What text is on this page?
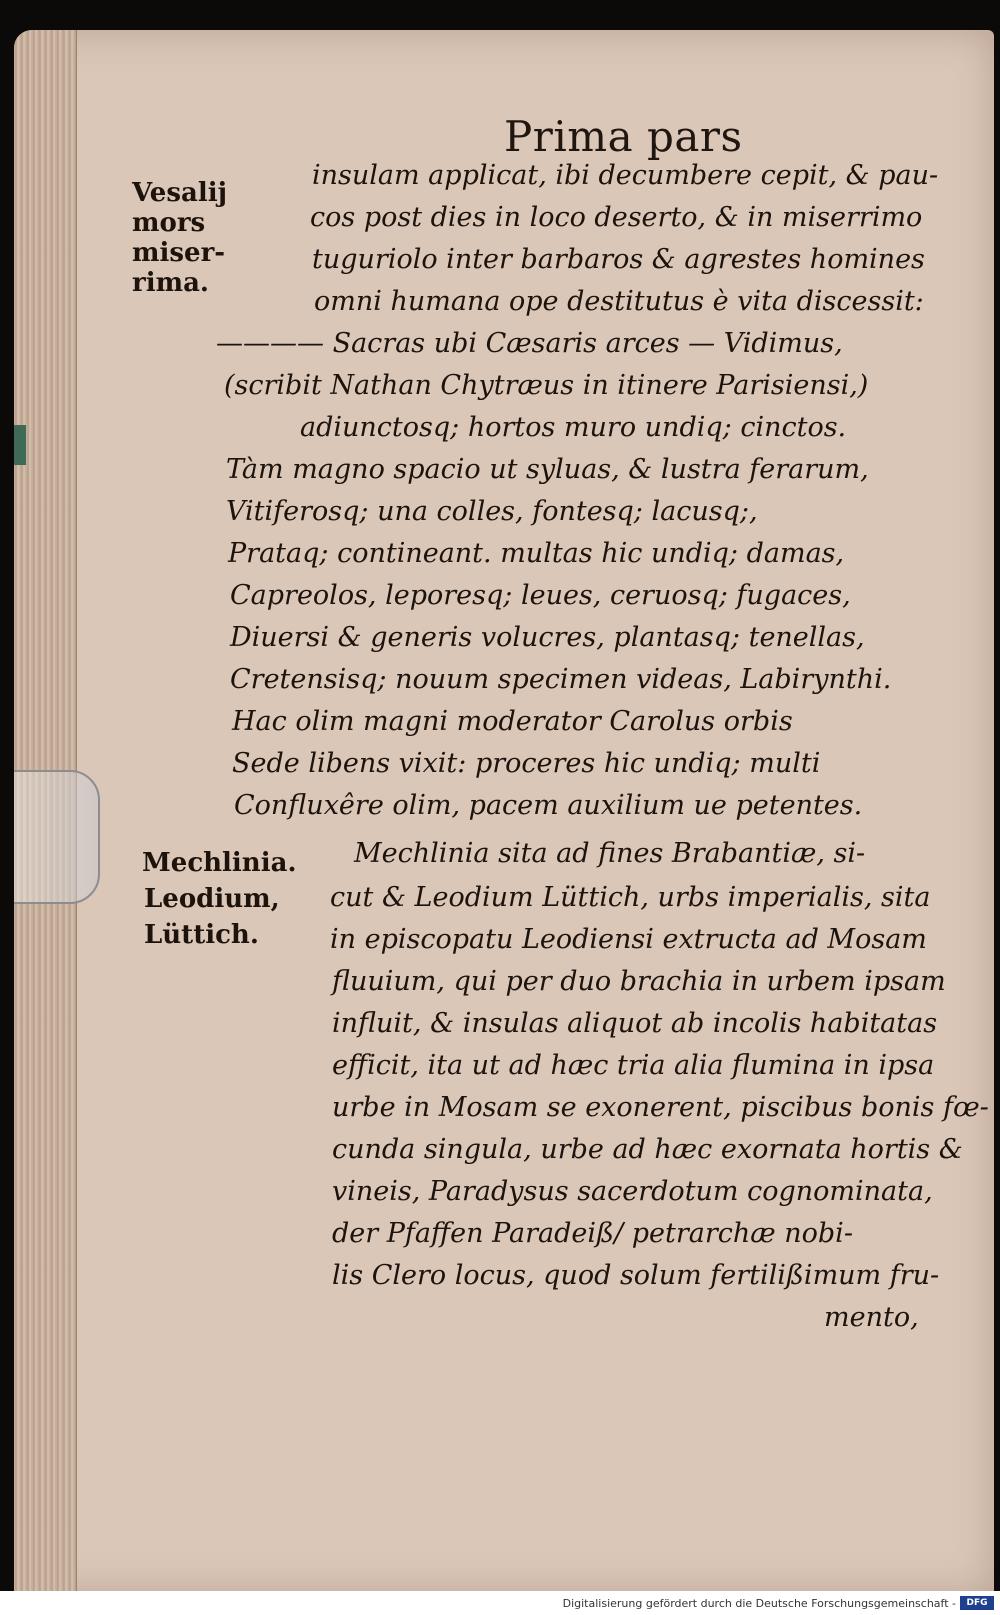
Prima pars
Vesalij mors miser-rima.
Mechlinia.
Leodium,
Lüttich.
insulam applicat, ibi decumbere cepit, & pau-
cos post dies in loco deserto, & in miserrimo
tuguriolo inter barbaros & agrestes homines
omni humana ope destitutus è vita discessit:
———— Sacras ubi Cæsaris arces — Vidimus,
(scribit Nathan Chytræus in itinere Parisiensi,)
adiunctosq; hortos muro undiq; cinctos.
Tàm magno spacio ut syluas, & lustra ferarum,
Vitiferosq; una colles, fontesq; lacusq;,
Prataq; contineant. multas hic undiq; damas,
Capreolos, leporesq; leues, ceruosq; fugaces,
Diuersi & generis volucres, plantasq; tenellas,
Cretensisq; nouum specimen videas, Labirynthi.
Hac olim magni moderator Carolus orbis
Sede libens vixit: proceres hic undiq; multi
Confluxêre olim, pacem auxilium ue petentes.
Mechlinia sita ad fines Brabantiæ, si-
cut & Leodium Lüttich, urbs imperialis, sita
in episcopatu Leodiensi extructa ad Mosam
fluuium, qui per duo brachia in urbem ipsam
influit, & insulas aliquot ab incolis habitatas
efficit, ita ut ad hæc tria alia flumina in ipsa
urbe in Mosam se exonerent, piscibus bonis fœ-
cunda singula, urbe ad hæc exornata hortis &
vineis, Paradysus sacerdotum cognominata,
der Pfaffen Paradeiß/ petrarchæ nobi-
lis Clero locus, quod solum fertilißimum fru-
mento,
Digitalisierung gefördert durch die Deutsche Forschungsgemeinschaft -	DFG
